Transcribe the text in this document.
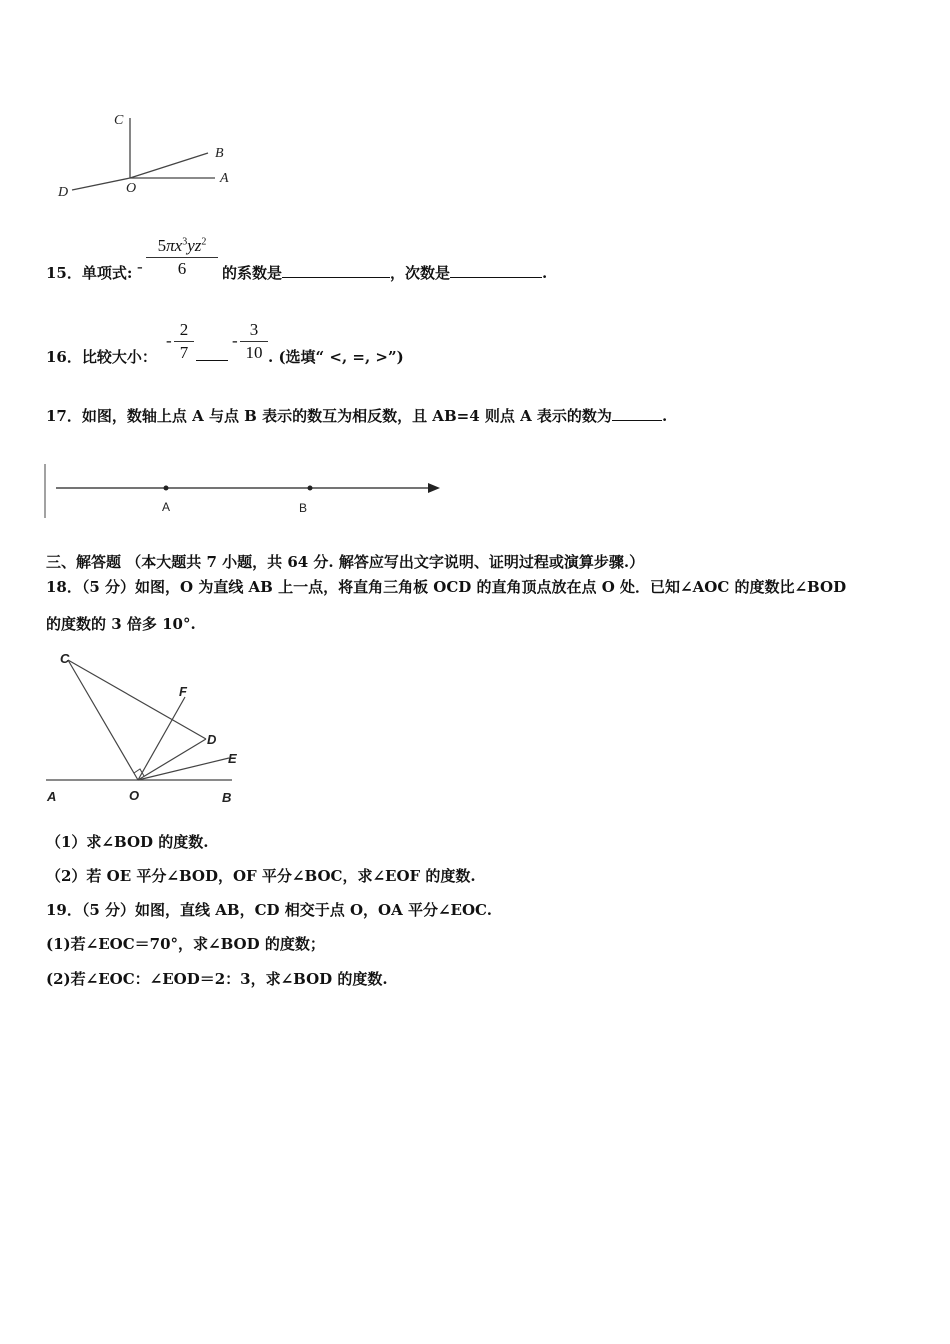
C
B
A
O
D
15．单项式: -
$5\pi x^3yz^2$
6	的系数是	，次数是	.
16．比较大小：
-
2
7
-
3
10 . (选填“ <, =, >”)
17．如图，数轴上点 A 与点 B 表示的数互为相反数，且 AB=4 则点 A 表示的数为	.
A	B
三、解答题 （本大题共 7 小题，共 64 分. 解答应写出文字说明、证明过程或演算步骤.）
18．（5 分）如图，O 为直线 AB 上一点，将直角三角板 OCD 的直角顶点放在点 O 处．已知∠AOC 的度数比∠BOD
的度数的 3 倍多 10°.
C
F
D
E
A	O	B
（1）求∠BOD 的度数.
（2）若 OE 平分∠BOD，OF 平分∠BOC，求∠EOF 的度数.
19．（5 分）如图，直线 AB，CD 相交于点 O，OA 平分∠EOC.
(1)若∠EOC＝70°，求∠BOD 的度数；
(2)若∠EOC：∠EOD＝2：3，求∠BOD 的度数.
